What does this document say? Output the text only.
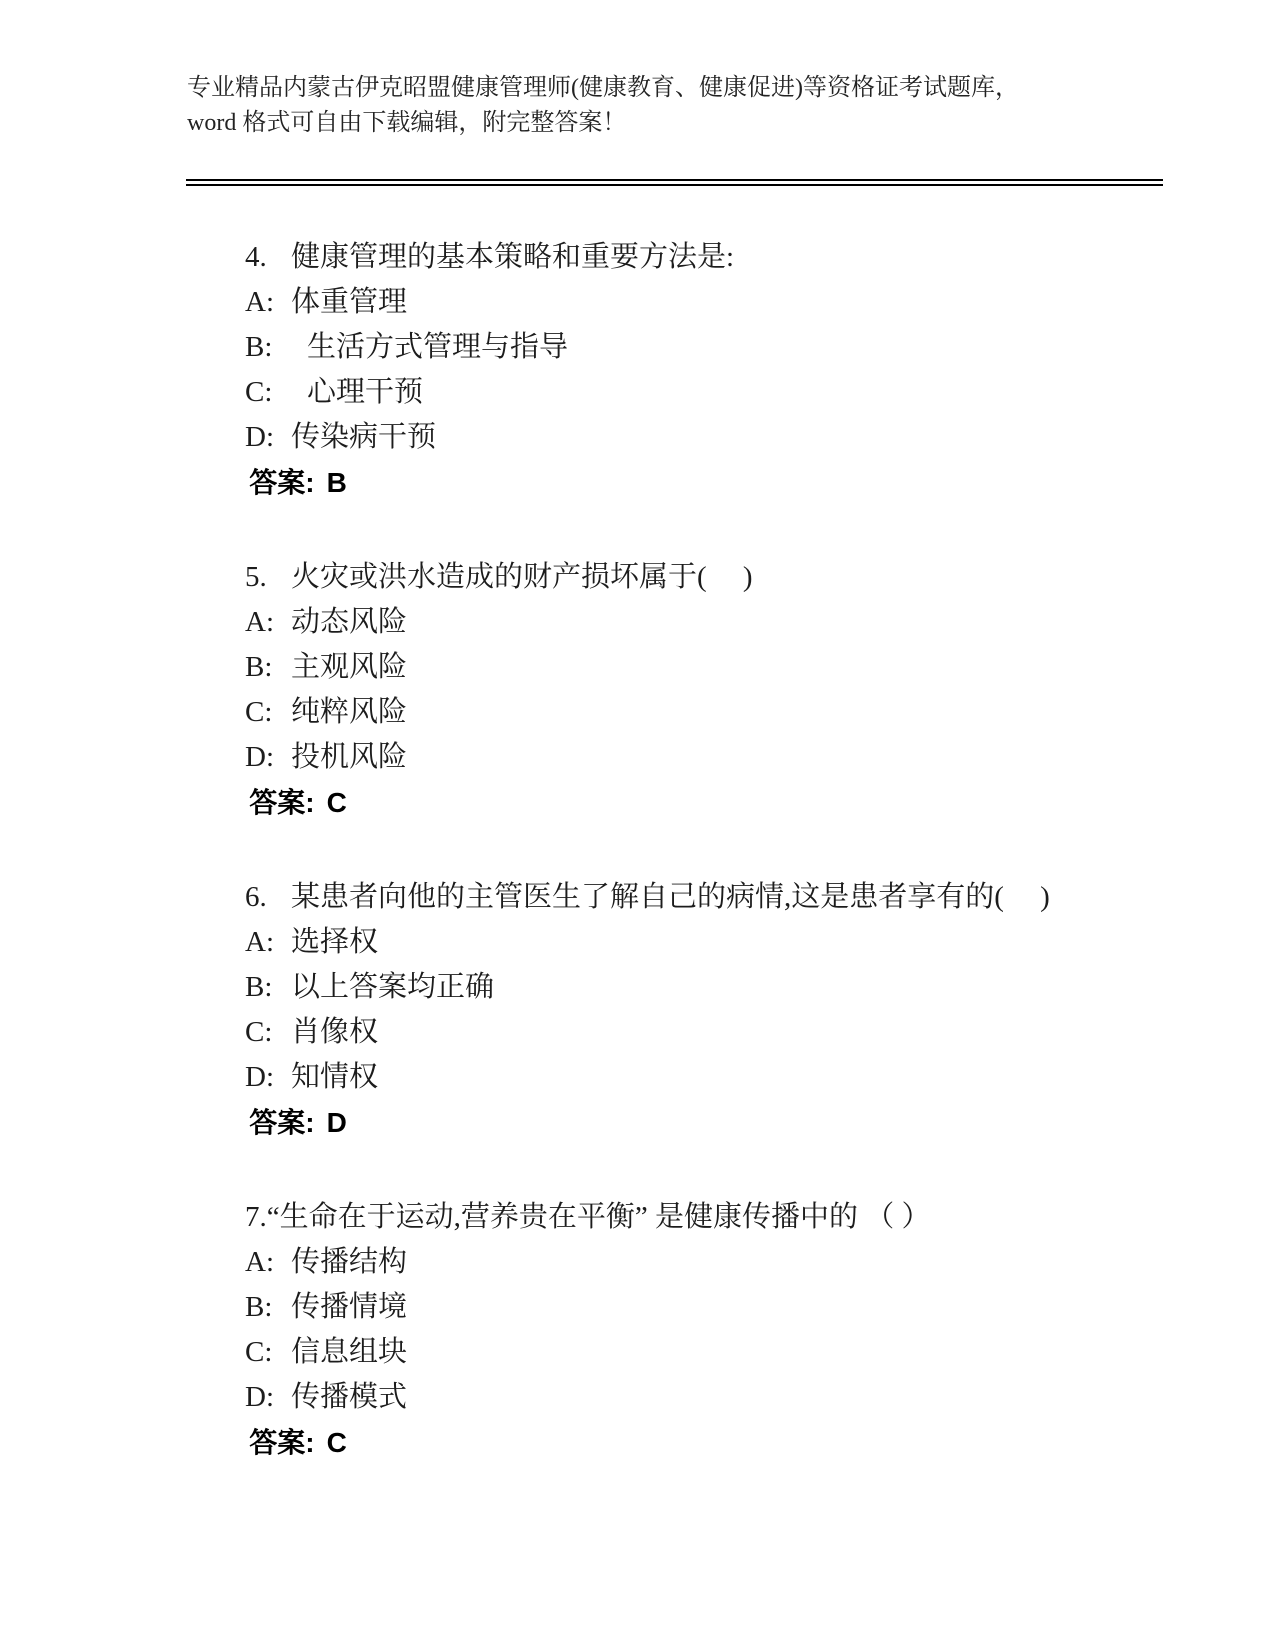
专业精品内蒙古伊克昭盟健康管理师(健康教育、健康促进)等资格证考试题库，
word 格式可自由下载编辑，附完整答案！

4. 健康管理的基本策略和重要方法是:

A: 体重管理

B: 生活方式管理与指导

C: 心理干预

D: 传染病干预

答案: B

5. 火灾或洪水造成的财产损坏属于(　 )

A: 动态风险

B: 主观风险

C: 纯粹风险

D: 投机风险

答案: C

6. 某患者向他的主管医生了解自己的病情,这是患者享有的(　 )

A: 选择权

B: 以上答案均正确

C: 肖像权

D: 知情权

答案: D

7.“生命在于运动,营养贵在平衡” 是健康传播中的 （ ）

A: 传播结构

B: 传播情境

C: 信息组块

D: 传播模式

答案: C
